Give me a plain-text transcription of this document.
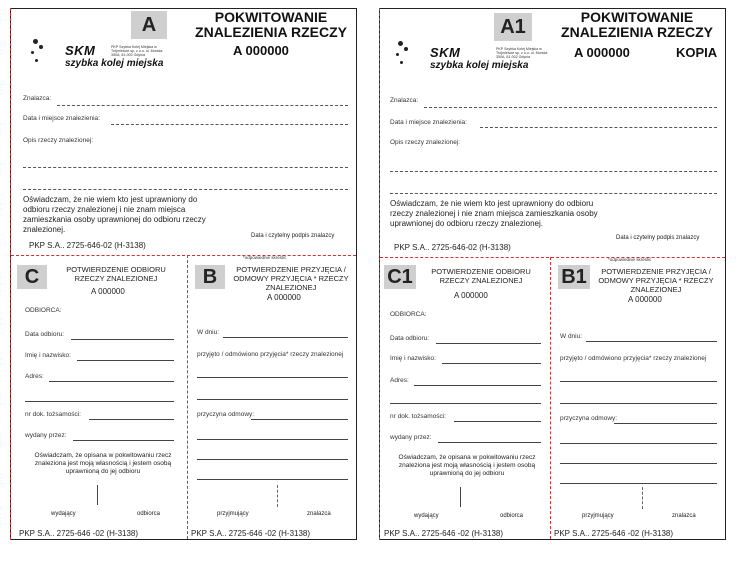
A	POKWITOWANIE
ZNALEZIENIA RZECZY
A 000000
SKM
szybka kolej miejska
PKP Szybka Kolej Miejska w Trójmieście sp. z o.o. ul. Morska 350A, 81-002 Gdynia
Znalazca:
Data i miejsce znalezienia:
Opis rzeczy znalezionej:
Oświadczam, że nie wiem kto jest uprawniony do odbioru rzeczy znalezionej i nie znam miejsca zamieszkania osoby uprawnionej do odbioru rzeczy znalezionej.
Data i czytelny podpis znalazcy
PKP S.A.. 2725-646-02 (H-3138)
C	POTWIERDZENIE ODBIORU RZECZY ZNALEZIONEJ
A 000000
ODBIORCA:
Data odbioru:
Imię i nazwisko:
Adres:
nr dok. tożsamości:
wydany przez:
Oświadczam, że opisana w pokwitowaniu rzecz znaleziona jest moją własnością i jestem osobą uprawnioną do jej odbioru
wydający	odbiorca
PKP S.A.. 2725-646 -02 (H-3138)
*odpowiednie skreślić
B	POTWIERDZENIE PRZYJĘCIA / ODMOWY PRZYJĘCIA * RZECZY ZNALEZIONEJ
A 000000
W dniu:
przyjęto / odmówiono przyjęcia* rzeczy znalezionej
przyczyna odmowy:
przyjmujący	znalazca
PKP S.A.. 2725-646 -02 (H-3138)
A1	POKWITOWANIE
ZNALEZIENIA RZECZY
A 000000	KOPIA
SKM
szybka kolej miejska
PKP Szybka Kolej Miejska w Trójmieście sp. z o.o. ul. Morska 350A, 81-002 Gdynia
Znalazca:
Data i miejsce znalezienia:
Opis rzeczy znalezionej:
Oświadczam, że nie wiem kto jest uprawniony do odbioru rzeczy znalezionej i nie znam miejsca zamieszkania osoby uprawnionej do odbioru rzeczy znalezionej.
Data i czytelny podpis znalazcy
PKP S.A.. 2725-646-02 (H-3138)
C1	POTWIERDZENIE ODBIORU RZECZY ZNALEZIONEJ
A 000000
ODBIORCA:
Data odbioru:
Imię i nazwisko:
Adres:
nr dok. tożsamości:
wydany przez:
Oświadczam, że opisana w pokwitowaniu rzecz znaleziona jest moją własnością i jestem osobą uprawnioną do jej odbioru
wydający	odbiorca
PKP S.A.. 2725-646 -02 (H-3138)
*odpowiednie skreślić
B1	POTWIERDZENIE PRZYJĘCIA / ODMOWY PRZYJĘCIA * RZECZY ZNALEZIONEJ
A 000000
W dniu:
przyjęto / odmówiono przyjęcia* rzeczy znalezionej
przyczyna odmowy:
przyjmujący	znalazca
PKP S.A.. 2725-646 -02 (H-3138)
